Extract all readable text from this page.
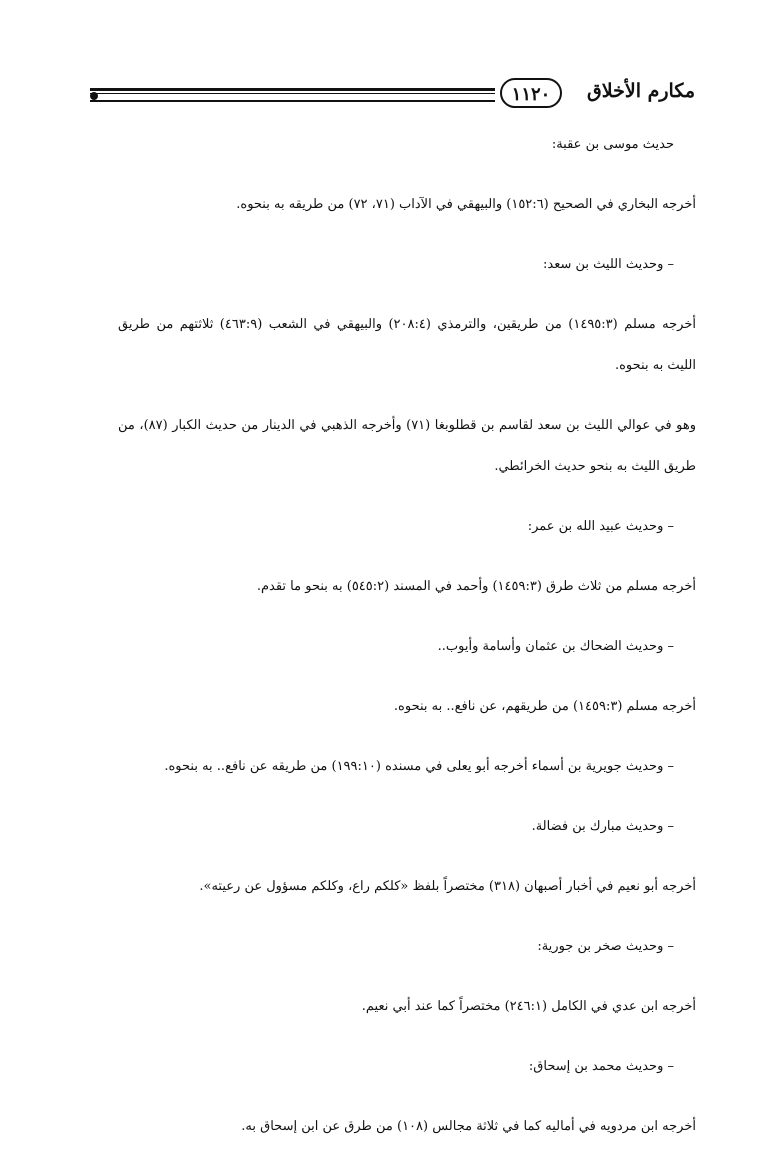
مكارم الأخلاق
١١٢٠

حديث موسى بن عقبة:

أخرجه البخاري في الصحيح (١٥٢:٦) والبيهقي في الآداب (٧١، ٧٢) من طريقه به بنحوه.

– وحديث الليث بن سعد:

أخرجه مسلم (١٤٩٥:٣) من طريقين، والترمذي (٢٠٨:٤) والبيهقي في الشعب (٤٦٣:٩) ثلاثتهم من طريق الليث به بنحوه.

وهو في عوالي الليث بن سعد لقاسم بن قطلوبغا (٧١) وأخرجه الذهبي في الدينار من حديث الكبار (٨٧)، من طريق الليث به بنحو حديث الخرائطي.

– وحديث عبيد الله بن عمر:

أخرجه مسلم من ثلاث طرق (١٤٥٩:٣) وأحمد في المسند (٥٤٥:٢) به بنحو ما تقدم.

– وحديث الضحاك بن عثمان وأسامة وأيوب..

أخرجه مسلم (١٤٥٩:٣) من طريقهم، عن نافع.. به بنحوه.

– وحديث جويرية بن أسماء أخرجه أبو يعلى في مسنده (١٩٩:١٠) من طريقه عن نافع.. به بنحوه.

– وحديث مبارك بن فضالة.

أخرجه أبو نعيم في أخبار أصبهان (٣١٨) مختصراً بلفظ «كلكم راع، وكلكم مسؤول عن رعيته».

– وحديث صخر بن جورية:

أخرجه ابن عدي في الكامل (٢٤٦:١) مختصراً كما عند أبي نعيم.

– وحديث محمد بن إسحاق:

أخرجه ابن مردويه في أماليه كما في ثلاثة مجالس (١٠٨) من طرق عن ابن إسحاق به.
